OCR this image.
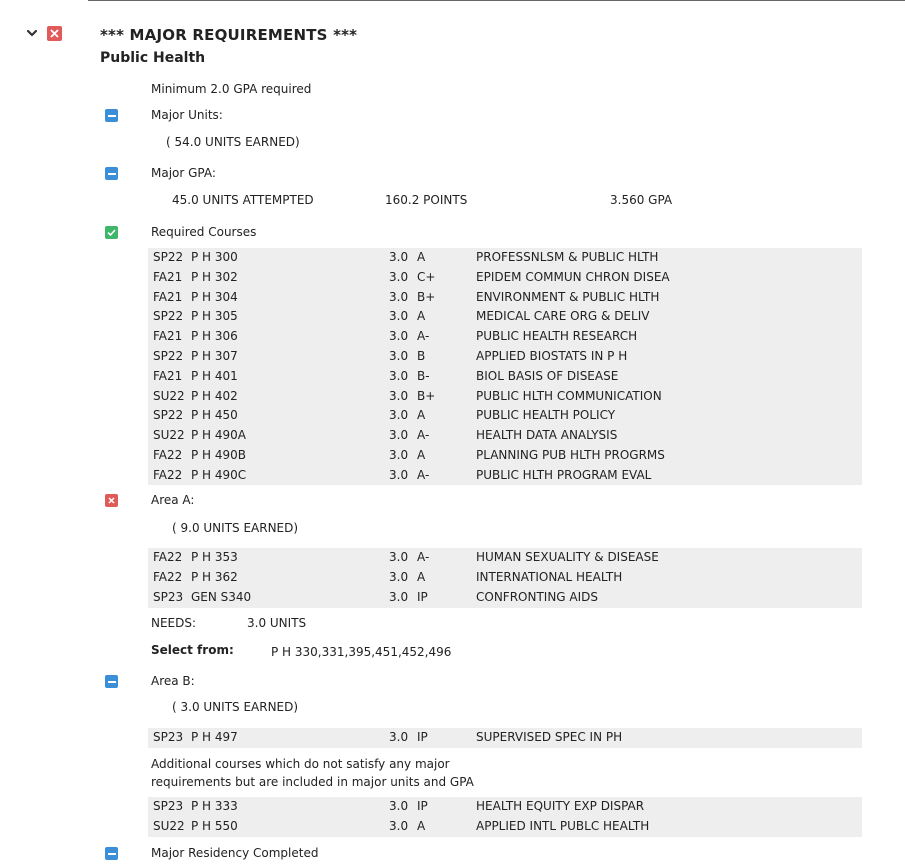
*** MAJOR REQUIREMENTS ***
Public Health
Minimum 2.0 GPA required
Major Units:
( 54.0 UNITS EARNED)
Major GPA:
45.0 UNITS ATTEMPTED	160.2 POINTS	3.560 GPA
Required Courses
SP22 P H 300	3.0 A	PROFESSNLSM & PUBLIC HLTH
FA21 P H 302	3.0 C+	EPIDEM COMMUN CHRON DISEA
FA21 P H 304	3.0 B+	ENVIRONMENT & PUBLIC HLTH
SP22 P H 305	3.0 A	MEDICAL CARE ORG & DELIV
FA21 P H 306	3.0 A-	PUBLIC HEALTH RESEARCH
SP22 P H 307	3.0 B	APPLIED BIOSTATS IN P H
FA21 P H 401	3.0 B-	BIOL BASIS OF DISEASE
SU22 P H 402	3.0 B+	PUBLIC HLTH COMMUNICATION
SP22 P H 450	3.0 A	PUBLIC HEALTH POLICY
SU22 P H 490A	3.0 A-	HEALTH DATA ANALYSIS
FA22 P H 490B	3.0 A	PLANNING PUB HLTH PROGRMS
FA22 P H 490C	3.0 A-	PUBLIC HLTH PROGRAM EVAL
Area A:
( 9.0 UNITS EARNED)
FA22 P H 353	3.0 A-	HUMAN SEXUALITY & DISEASE
FA22 P H 362	3.0 A	INTERNATIONAL HEALTH
SP23 GEN S340	3.0 IP	CONFRONTING AIDS
NEEDS:	3.0 UNITS
Select from:	P H 330,331,395,451,452,496
Area B:
( 3.0 UNITS EARNED)
SP23 P H 497	3.0 IP	SUPERVISED SPEC IN PH
Additional courses which do not satisfy any major
requirements but are included in major units and GPA
SP23 P H 333	3.0 IP	HEALTH EQUITY EXP DISPAR
SU22 P H 550	3.0 A	APPLIED INTL PUBLC HEALTH
Major Residency Completed
